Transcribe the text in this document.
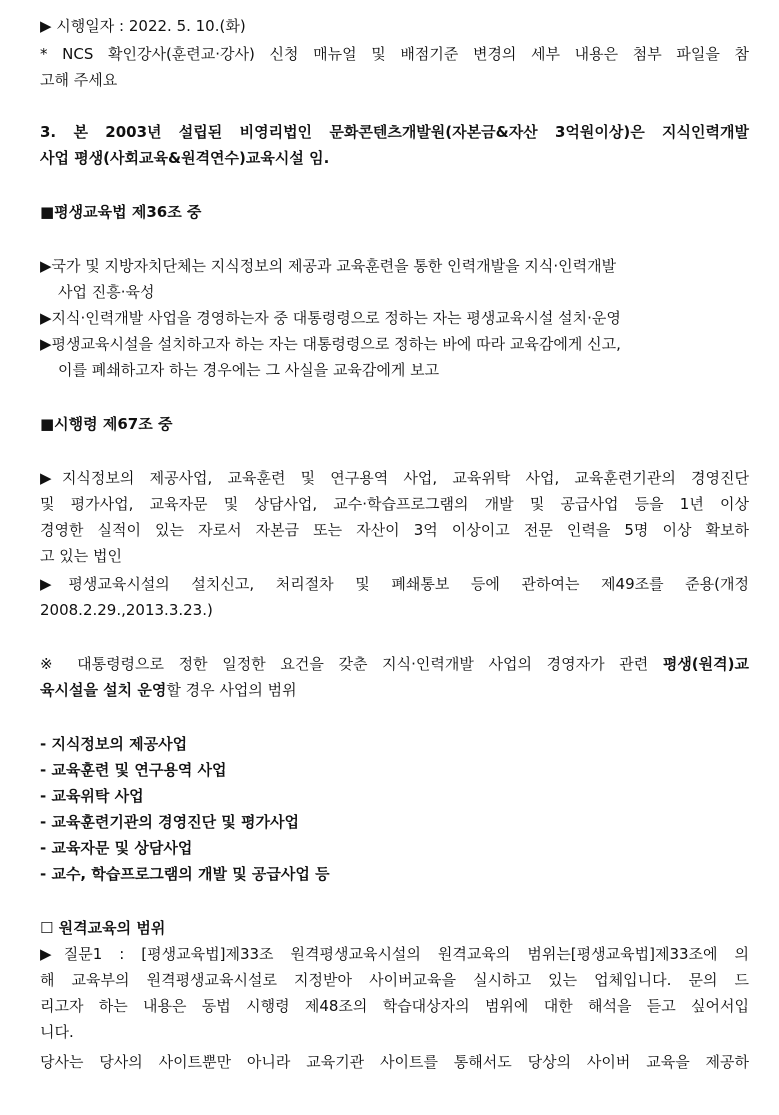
▶ 시행일자 : 2022. 5. 10.(화)
* NCS 확인강사(훈련교·강사) 신청 매뉴얼 및 배점기준 변경의 세부 내용은 첨부 파일을 참
고해 주세요
3. 본 2003년 설립된 비영리법인 문화콘텐츠개발원(자본금&자산 3억원이상)은 지식인력개발
사업 평생(사회교육&원격연수)교육시설 임.
■평생교육법 제36조 중
▶국가 및 지방자치단체는 지식정보의 제공과 교육훈련을 통한 인력개발을 지식·인력개발
사업 진흥·육성
▶지식·인력개발 사업을 경영하는자 중 대통령령으로 정하는 자는 평생교육시설 설치·운영
▶평생교육시설을 설치하고자 하는 자는 대통령령으로 정하는 바에 따라 교육감에게 신고,
이를 폐쇄하고자 하는 경우에는 그 사실을 교육감에게 보고
■시행령 제67조 중
▶지식정보의 제공사업, 교육훈련 및 연구용역 사업, 교육위탁 사업, 교육훈련기관의 경영진단
및 평가사업, 교육자문 및 상담사업, 교수·학습프로그램의 개발 및 공급사업 등을 1년 이상
경영한 실적이 있는 자로서 자본금 또는 자산이 3억 이상이고 전문 인력을 5명 이상 확보하
고 있는 법인
▶평생교육시설의 설치신고, 처리절차 및 폐쇄통보 등에 관하여는 제49조를 준용(개정
2008.2.29.,2013.3.23.)
※ 대통령령으로 정한 일정한 요건을 갖춘 지식·인력개발 사업의 경영자가 관련 평생(원격)교
육시설을 설치 운영할 경우 사업의 범위
- 지식정보의 제공사업
- 교육훈련 및 연구용역 사업
- 교육위탁 사업
- 교육훈련기관의 경영진단 및 평가사업
- 교육자문 및 상담사업
- 교수, 학습프로그램의 개발 및 공급사업 등
☐ 원격교육의 범위
▶질문1 : [평생교육법]제33조 원격평생교육시설의 원격교육의 범위는[평생교육법]제33조에 의
해 교육부의 원격평생교육시설로 지정받아 사이버교육을 실시하고 있는 업체입니다. 문의 드
리고자 하는 내용은 동법 시행령 제48조의 학습대상자의 범위에 대한 해석을 듣고 싶어서입
니다.
당사는 당사의 사이트뿐만 아니라 교육기관 사이트를 통해서도 당상의 사이버 교육을 제공하
